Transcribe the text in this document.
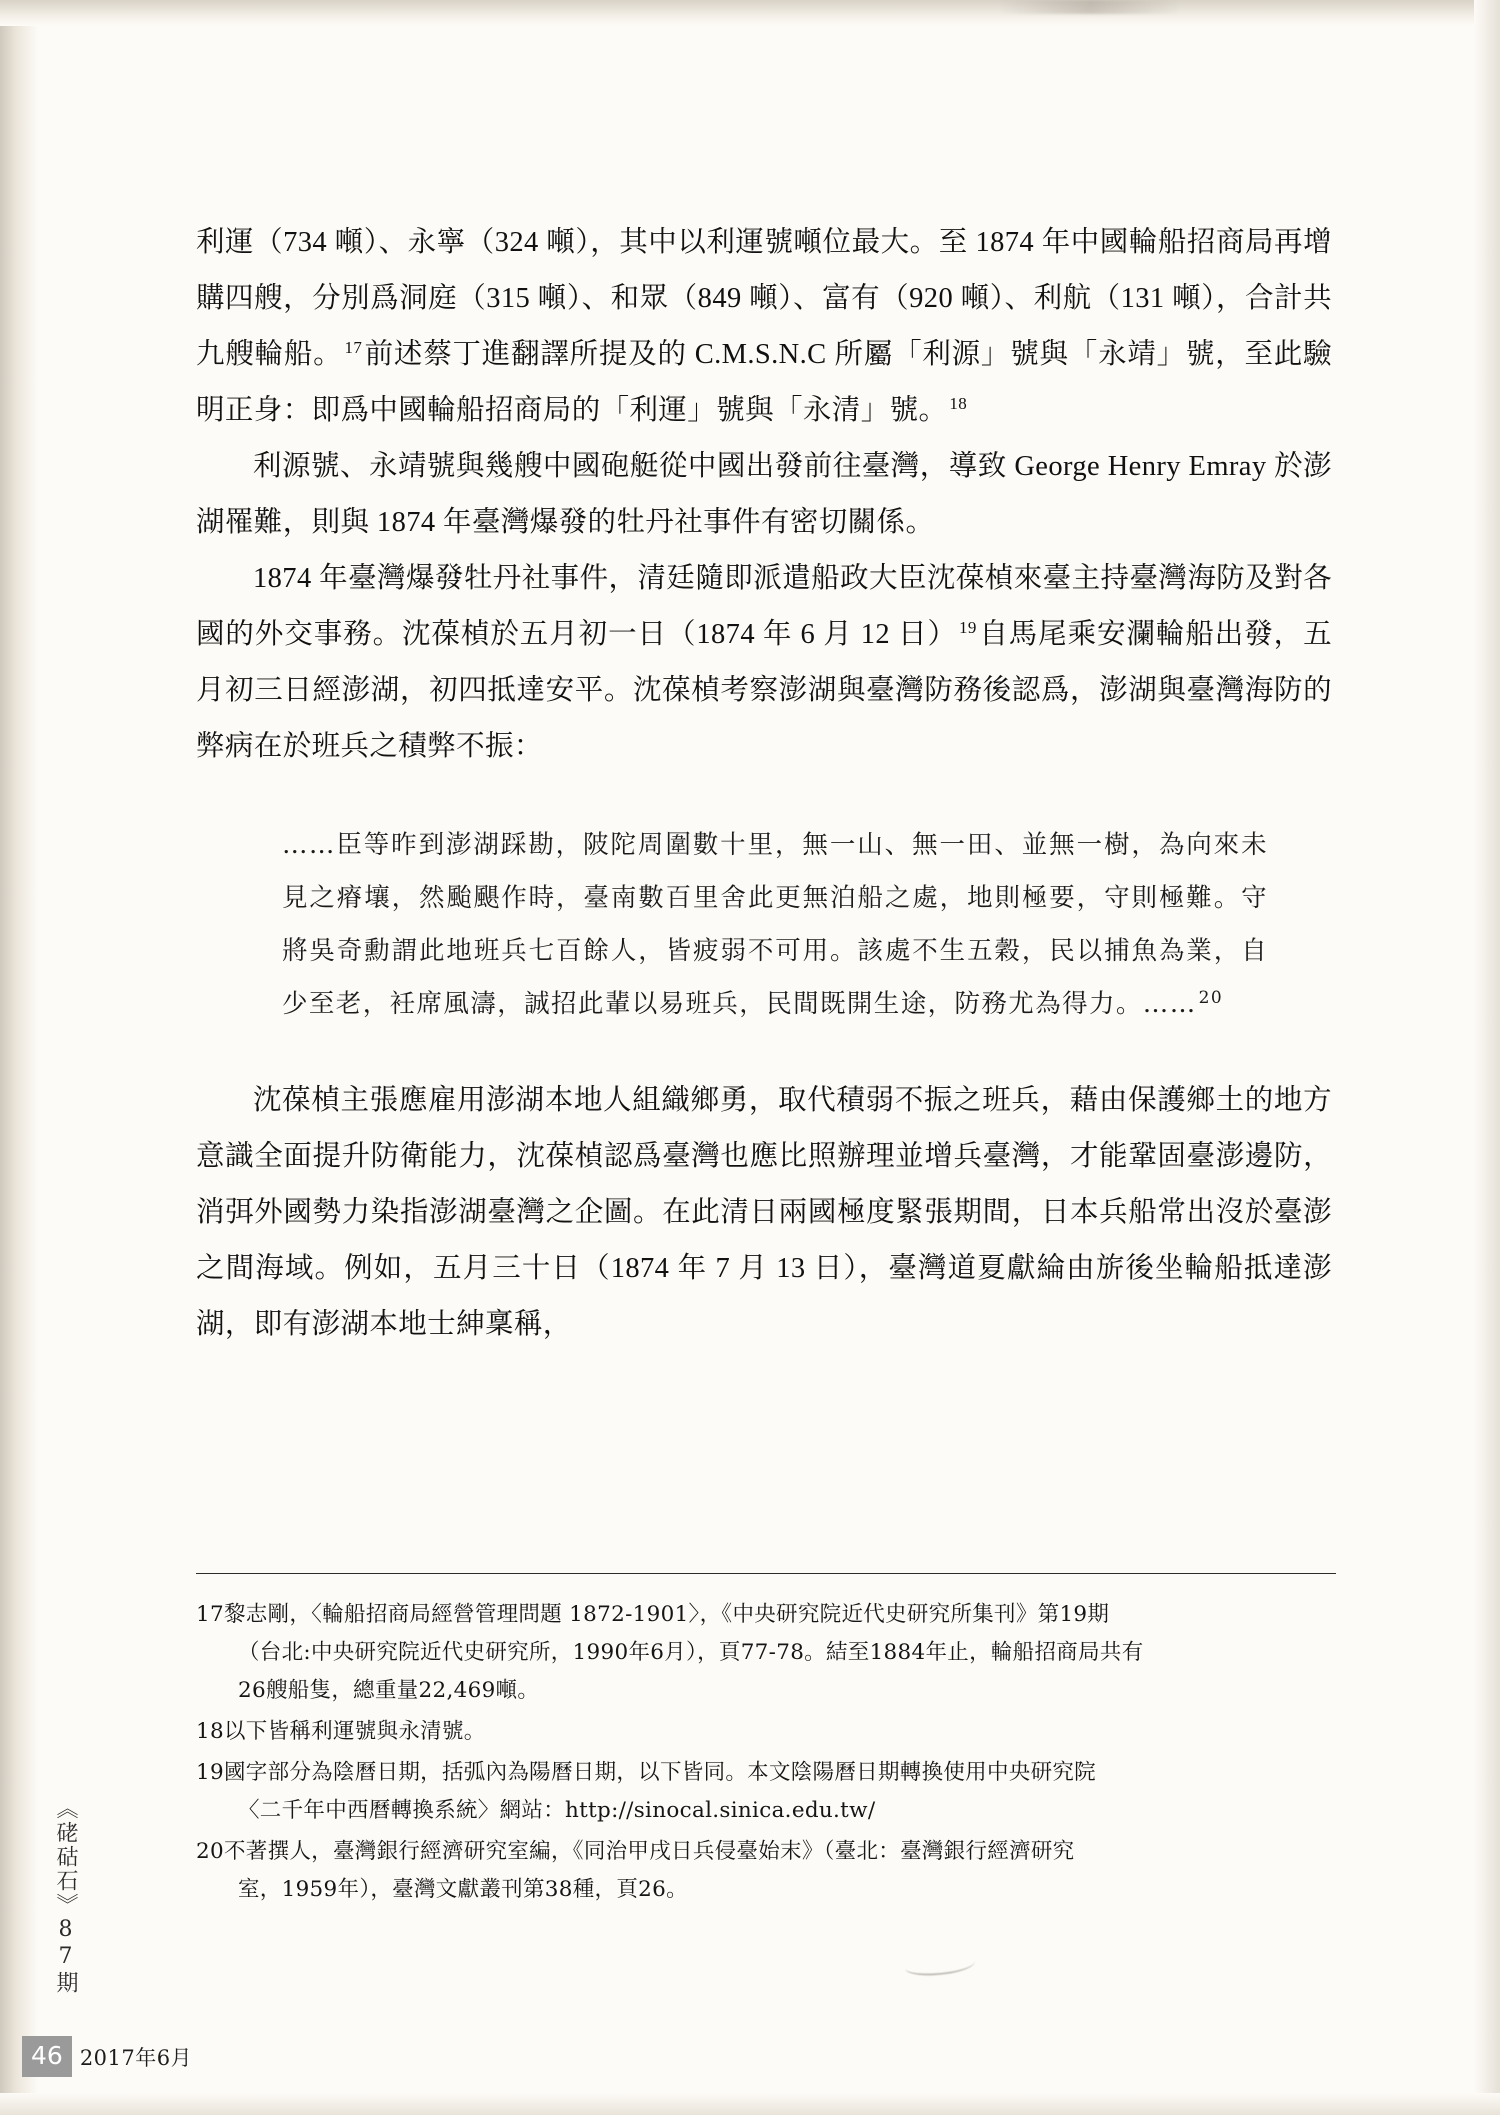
利運（734 噸）、永寧（324 噸），其中以利運號噸位最大。至 1874 年中國輪船招商局再增購四艘，分別爲洞庭（315 噸）、和眾（849 噸）、富有（920 噸）、利航（131 噸），合計共九艘輪船。 $^{17}$前述蔡丁進翻譯所提及的 C.M.S.N.C 所屬「利源」號與「永靖」號，至此驗明正身：即爲中國輪船招商局的「利運」號與「永清」號。 $^{18}$

利源號、永靖號與幾艘中國砲艇從中國出發前往臺灣，導致 George Henry Emray 於澎湖罹難，則與 1874 年臺灣爆發的牡丹社事件有密切關係。

1874 年臺灣爆發牡丹社事件，清廷隨即派遣船政大臣沈葆楨來臺主持臺灣海防及對各國的外交事務。沈葆楨於五月初一日（1874 年 6 月 12 日） $^{19}$自馬尾乘安瀾輪船出發，五月初三日經澎湖，初四抵達安平。沈葆楨考察澎湖與臺灣防務後認爲，澎湖與臺灣海防的弊病在於班兵之積弊不振：

……臣等昨到澎湖踩勘，陂陀周圍數十里，無一山、無一田、並無一樹，為向來未見之瘠壤，然颱颶作時，臺南數百里舍此更無泊船之處，地則極要，守則極難。守將吳奇勳謂此地班兵七百餘人，皆疲弱不可用。該處不生五穀，民以捕魚為業，自少至老，衽席風濤，誠招此輩以易班兵，民間既開生途，防務尤為得力。…… $^{20}$

沈葆楨主張應雇用澎湖本地人組織鄉勇，取代積弱不振之班兵，藉由保護鄉土的地方意識全面提升防衛能力，沈葆楨認爲臺灣也應比照辦理並增兵臺灣，才能鞏固臺澎邊防，消弭外國勢力染指澎湖臺灣之企圖。在此清日兩國極度緊張期間，日本兵船常出沒於臺澎之間海域。例如，五月三十日（1874 年 7 月 13 日），臺灣道夏獻綸由旂後坐輪船抵達澎湖，即有澎湖本地士紳稟稱，

17黎志剛，〈輪船招商局經營管理問題 1872-1901〉，《中央研究院近代史研究所集刊》第19期
（台北:中央研究院近代史研究所，1990年6月），頁77-78。結至1884年止，輪船招商局共有
26艘船隻，總重量22,469噸。
18以下皆稱利運號與永清號。
19國字部分為陰曆日期，括弧內為陽曆日期，以下皆同。本文陰陽曆日期轉換使用中央研究院
〈二千年中西曆轉換系統〉網站：http://sinocal.sinica.edu.tw/
20不著撰人，臺灣銀行經濟研究室編，《同治甲戌日兵侵臺始末》（臺北：臺灣銀行經濟研究
室，1959年），臺灣文獻叢刊第38種，頁26。
《硓𥑮石》87期
46 2017年6月
